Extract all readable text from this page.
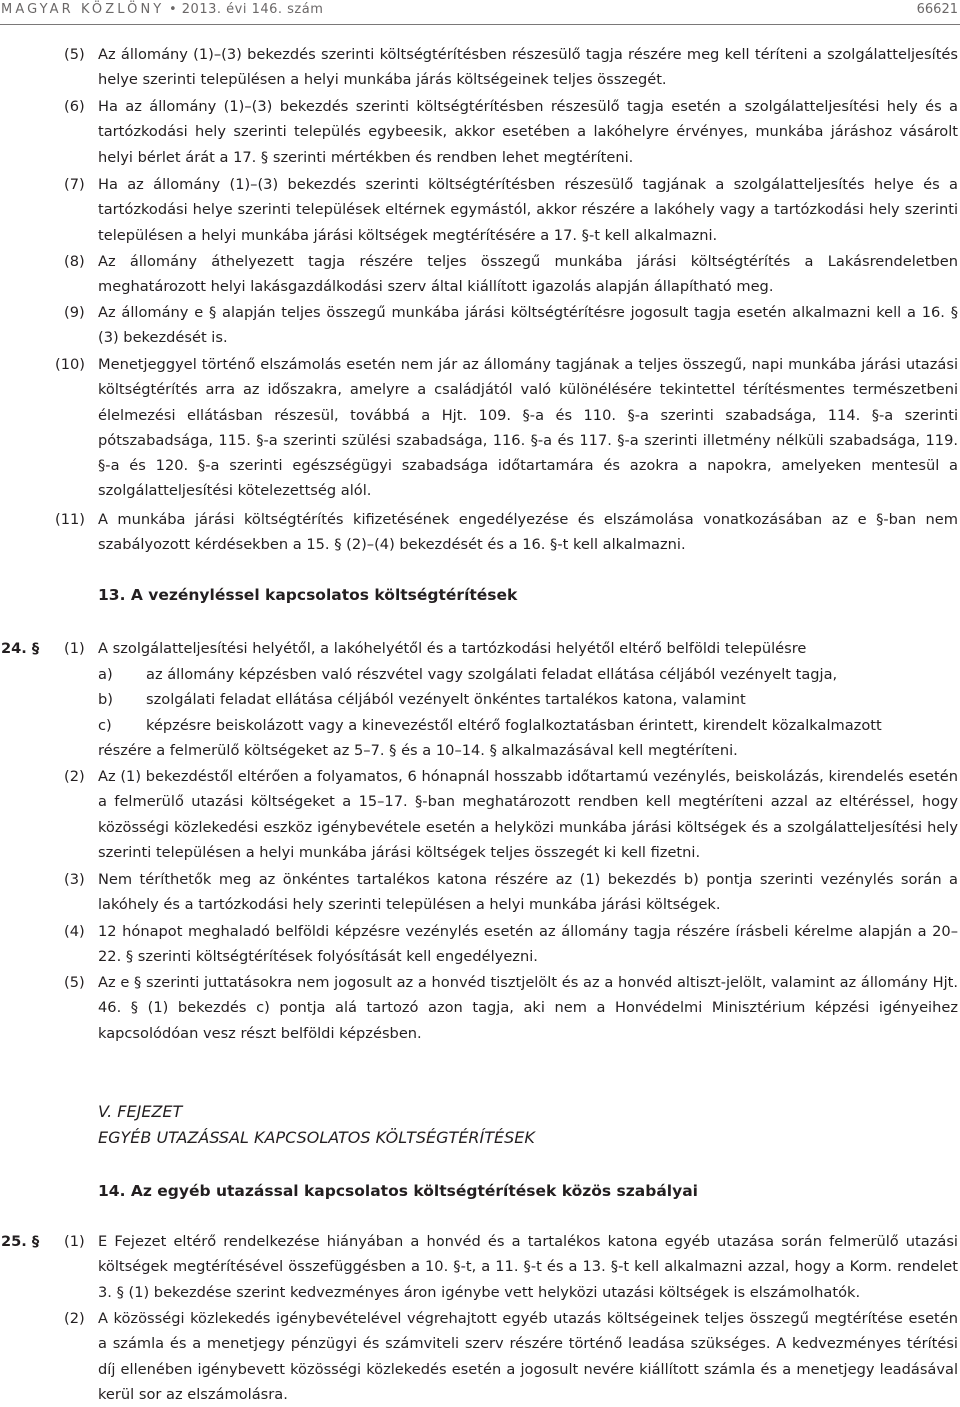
MAGYAR KÖZLÖNY • 2013. évi 146. szám	66621
(5) Az állomány (1)–(3) bekezdés szerinti költségtérítésben részesülő tagja részére meg kell téríteni a szolgálatteljesítés helye szerinti településen a helyi munkába járás költségeinek teljes összegét.
(6) Ha az állomány (1)–(3) bekezdés szerinti költségtérítésben részesülő tagja esetén a szolgálatteljesítési hely és a tartózkodási hely szerinti település egybeesik, akkor esetében a lakóhelyre érvényes, munkába járáshoz vásárolt helyi bérlet árát a 17. § szerinti mértékben és rendben lehet megtéríteni.
(7) Ha az állomány (1)–(3) bekezdés szerinti költségtérítésben részesülő tagjának a szolgálatteljesítés helye és a tartózkodási helye szerinti települések eltérnek egymástól, akkor részére a lakóhely vagy a tartózkodási hely szerinti településen a helyi munkába járási költségek megtérítésére a 17. §-t kell alkalmazni.
(8) Az állomány áthelyezett tagja részére teljes összegű munkába járási költségtérítés a Lakásrendeletben meghatározott helyi lakásgazdálkodási szerv által kiállított igazolás alapján állapítható meg.
(9) Az állomány e § alapján teljes összegű munkába járási költségtérítésre jogosult tagja esetén alkalmazni kell a 16. § (3) bekezdését is.
(10) Menetjeggyel történő elszámolás esetén nem jár az állomány tagjának a teljes összegű, napi munkába járási utazási költségtérítés arra az időszakra, amelyre a családjától való különélésére tekintettel térítésmentes természetbeni élelmezési ellátásban részesül, továbbá a Hjt. 109. §-a és 110. §-a szerinti szabadsága, 114. §-a szerinti pótszabadsága, 115. §-a szerinti szülési szabadsága, 116. §-a és 117. §-a szerinti illetmény nélküli szabadsága, 119. §-a és 120. §-a szerinti egészségügyi szabadsága időtartamára és azokra a napokra, amelyeken mentesül a szolgálatteljesítési kötelezettség alól.
(11) A munkába járási költségtérítés kifizetésének engedélyezése és elszámolása vonatkozásában az e §-ban nem szabályozott kérdésekben a 15. § (2)–(4) bekezdését és a 16. §-t kell alkalmazni.
13. A vezényléssel kapcsolatos költségtérítések
24. § (1) A szolgálatteljesítési helyétől, a lakóhelyétől és a tartózkodási helyétől eltérő belföldi településre
a) az állomány képzésben való részvétel vagy szolgálati feladat ellátása céljából vezényelt tagja,
b) szolgálati feladat ellátása céljából vezényelt önkéntes tartalékos katona, valamint
c) képzésre beiskolázott vagy a kinevezéstől eltérő foglalkoztatásban érintett, kirendelt közalkalmazott
részére a felmerülő költségeket az 5–7. § és a 10–14. § alkalmazásával kell megtéríteni.
(2) Az (1) bekezdéstől eltérően a folyamatos, 6 hónapnál hosszabb időtartamú vezénylés, beiskolázás, kirendelés esetén a felmerülő utazási költségeket a 15–17. §-ban meghatározott rendben kell megtéríteni azzal az eltéréssel, hogy közösségi közlekedési eszköz igénybevétele esetén a helyközi munkába járási költségek és a szolgálatteljesítési hely szerinti településen a helyi munkába járási költségek teljes összegét ki kell fizetni.
(3) Nem téríthetők meg az önkéntes tartalékos katona részére az (1) bekezdés b) pontja szerinti vezénylés során a lakóhely és a tartózkodási hely szerinti településen a helyi munkába járási költségek.
(4) 12 hónapot meghaladó belföldi képzésre vezénylés esetén az állomány tagja részére írásbeli kérelme alapján a 20–22. § szerinti költségtérítések folyósítását kell engedélyezni.
(5) Az e § szerinti juttatásokra nem jogosult az a honvéd tisztjelölt és az a honvéd altiszt-jelölt, valamint az állomány Hjt. 46. § (1) bekezdés c) pontja alá tartozó azon tagja, aki nem a Honvédelmi Minisztérium képzési igényeihez kapcsolódóan vesz részt belföldi képzésben.
V. FEJEZET
EGYÉB UTAZÁSSAL KAPCSOLATOS KÖLTSÉGTÉRÍTÉSEK
14. Az egyéb utazással kapcsolatos költségtérítések közös szabályai
25. § (1) E Fejezet eltérő rendelkezése hiányában a honvéd és a tartalékos katona egyéb utazása során felmerülő utazási költségek megtérítésével összefüggésben a 10. §-t, a 11. §-t és a 13. §-t kell alkalmazni azzal, hogy a Korm. rendelet 3. § (1) bekezdése szerint kedvezményes áron igénybe vett helyközi utazási költségek is elszámolhatók.
(2) A közösségi közlekedés igénybevételével végrehajtott egyéb utazás költségeinek teljes összegű megtérítése esetén a számla és a menetjegy pénzügyi és számviteli szerv részére történő leadása szükséges. A kedvezményes térítési díj ellenében igénybevett közösségi közlekedés esetén a jogosult nevére kiállított számla és a menetjegy leadásával kerül sor az elszámolásra.
